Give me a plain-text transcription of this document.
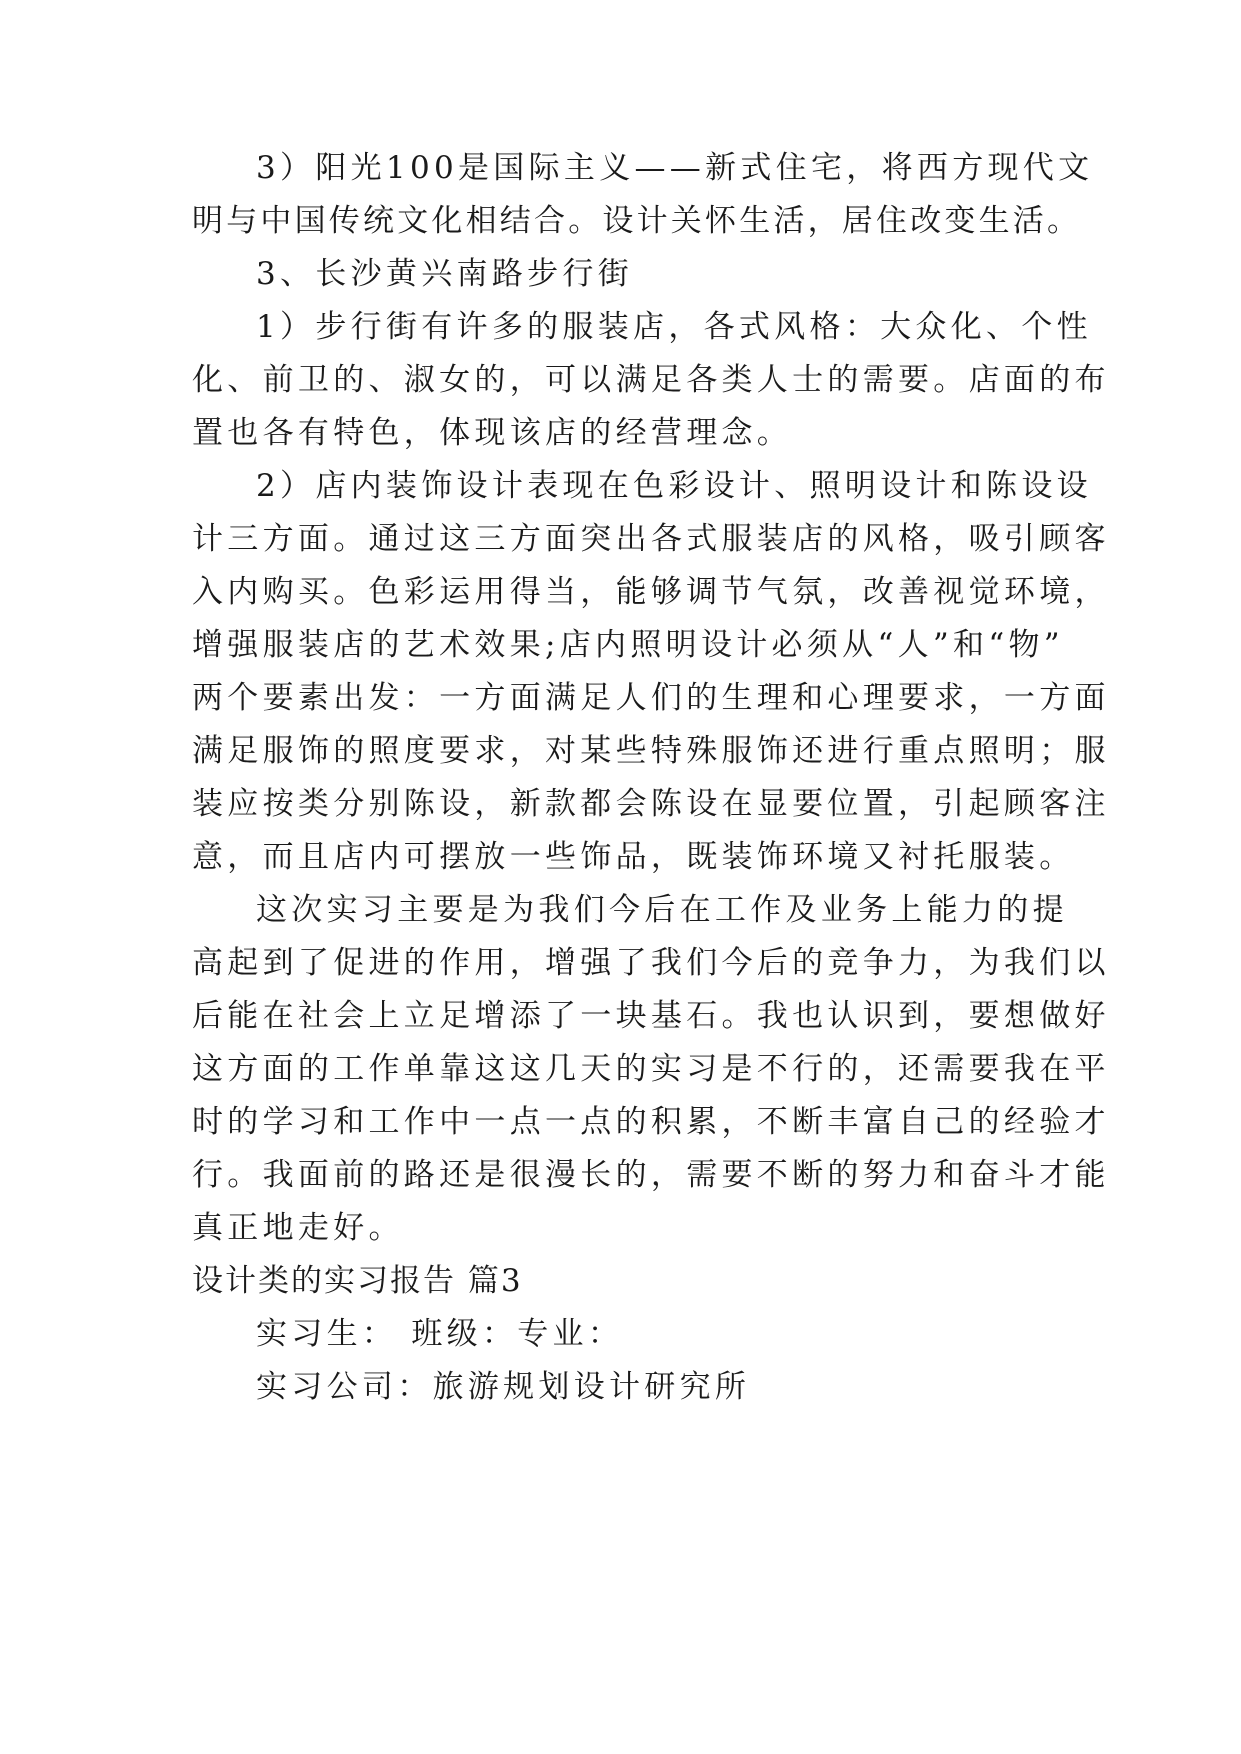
3）阳光100是国际主义——新式住宅，将西方现代文
明与中国传统文化相结合。设计关怀生活，居住改变生活。
3、长沙黄兴南路步行街
1）步行街有许多的服装店，各式风格：大众化、个性
化、前卫的、淑女的，可以满足各类人士的需要。店面的布
置也各有特色，体现该店的经营理念。
2）店内装饰设计表现在色彩设计、照明设计和陈设设
计三方面。通过这三方面突出各式服装店的风格，吸引顾客
入内购买。色彩运用得当，能够调节气氛，改善视觉环境，
增强服装店的艺术效果;店内照明设计必须从“人”和“物”
两个要素出发：一方面满足人们的生理和心理要求，一方面
满足服饰的照度要求，对某些特殊服饰还进行重点照明；服
装应按类分别陈设，新款都会陈设在显要位置，引起顾客注
意，而且店内可摆放一些饰品，既装饰环境又衬托服装。
这次实习主要是为我们今后在工作及业务上能力的提
高起到了促进的作用，增强了我们今后的竞争力，为我们以
后能在社会上立足增添了一块基石。我也认识到，要想做好
这方面的工作单靠这这几天的实习是不行的，还需要我在平
时的学习和工作中一点一点的积累，不断丰富自己的经验才
行。我面前的路还是很漫长的，需要不断的努力和奋斗才能
真正地走好。
设计类的实习报告 篇3
实习生： 班级：专业：
实习公司：旅游规划设计研究所
